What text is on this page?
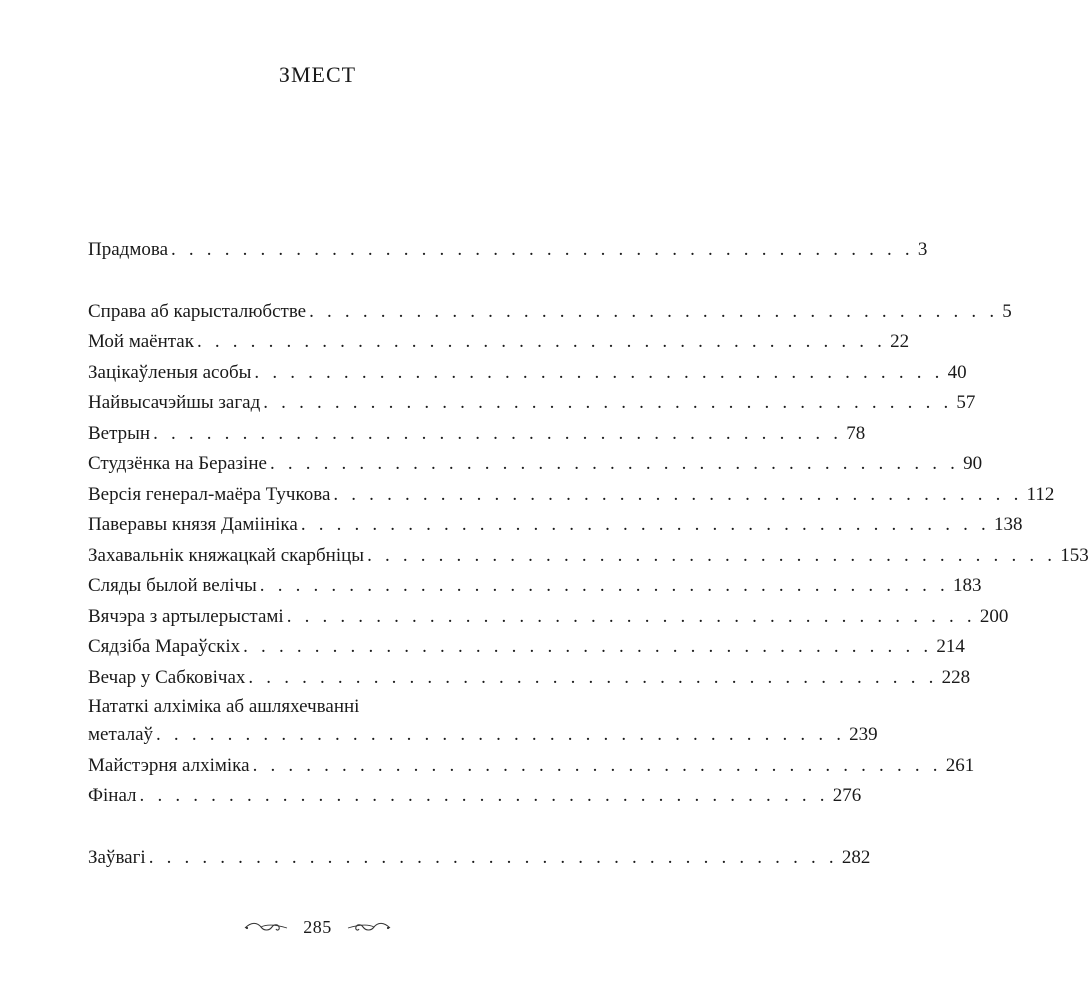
ЗМЕСТ
Прадмова . . . . . . . . . . . . . . . . . . . . . . . . . . . . . . . . . . . . . . . . . . 3
Справа аб карысталюбстве . . . . . . . . . . . . . . . . . . . . . . . . . . . . . . . . . . . . . . . 5
Мой маёнтак . . . . . . . . . . . . . . . . . . . . . . . . . . . . . . . . . . . . . . . 22
Зацікаўленыя асобы . . . . . . . . . . . . . . . . . . . . . . . . . . . . . . . . . . . . . . . 40
Найвысачэйшы загад . . . . . . . . . . . . . . . . . . . . . . . . . . . . . . . . . . . . . . . 57
Ветрын . . . . . . . . . . . . . . . . . . . . . . . . . . . . . . . . . . . . . . . 78
Студзёнка на Беразіне . . . . . . . . . . . . . . . . . . . . . . . . . . . . . . . . . . . . . . . 90
Версія генерал-маёра Тучкова . . . . . . . . . . . . . . . . . . . . . . . . . . . . . . . . . . . . . . . 112
Паверавы князя Даміініка . . . . . . . . . . . . . . . . . . . . . . . . . . . . . . . . . . . . . . . 138
Захавальнік княжацкай скарбніцы . . . . . . . . . . . . . . . . . . . . . . . . . . . . . . . . . . . . . . . 153
Сляды былой велічы . . . . . . . . . . . . . . . . . . . . . . . . . . . . . . . . . . . . . . . 183
Вячэра з артылерыстамі . . . . . . . . . . . . . . . . . . . . . . . . . . . . . . . . . . . . . . . 200
Сядзіба Мараўскіх . . . . . . . . . . . . . . . . . . . . . . . . . . . . . . . . . . . . . . . 214
Вечар у Сабковічах . . . . . . . . . . . . . . . . . . . . . . . . . . . . . . . . . . . . . . . 228
Нататкі алхіміка аб ашляхечванні
металаў . . . . . . . . . . . . . . . . . . . . . . . . . . . . . . . . . . . . . . . 239
Майстэрня алхіміка . . . . . . . . . . . . . . . . . . . . . . . . . . . . . . . . . . . . . . . 261
Фінал . . . . . . . . . . . . . . . . . . . . . . . . . . . . . . . . . . . . . . . 276
Заўвагі . . . . . . . . . . . . . . . . . . . . . . . . . . . . . . . . . . . . . . . 282
285
